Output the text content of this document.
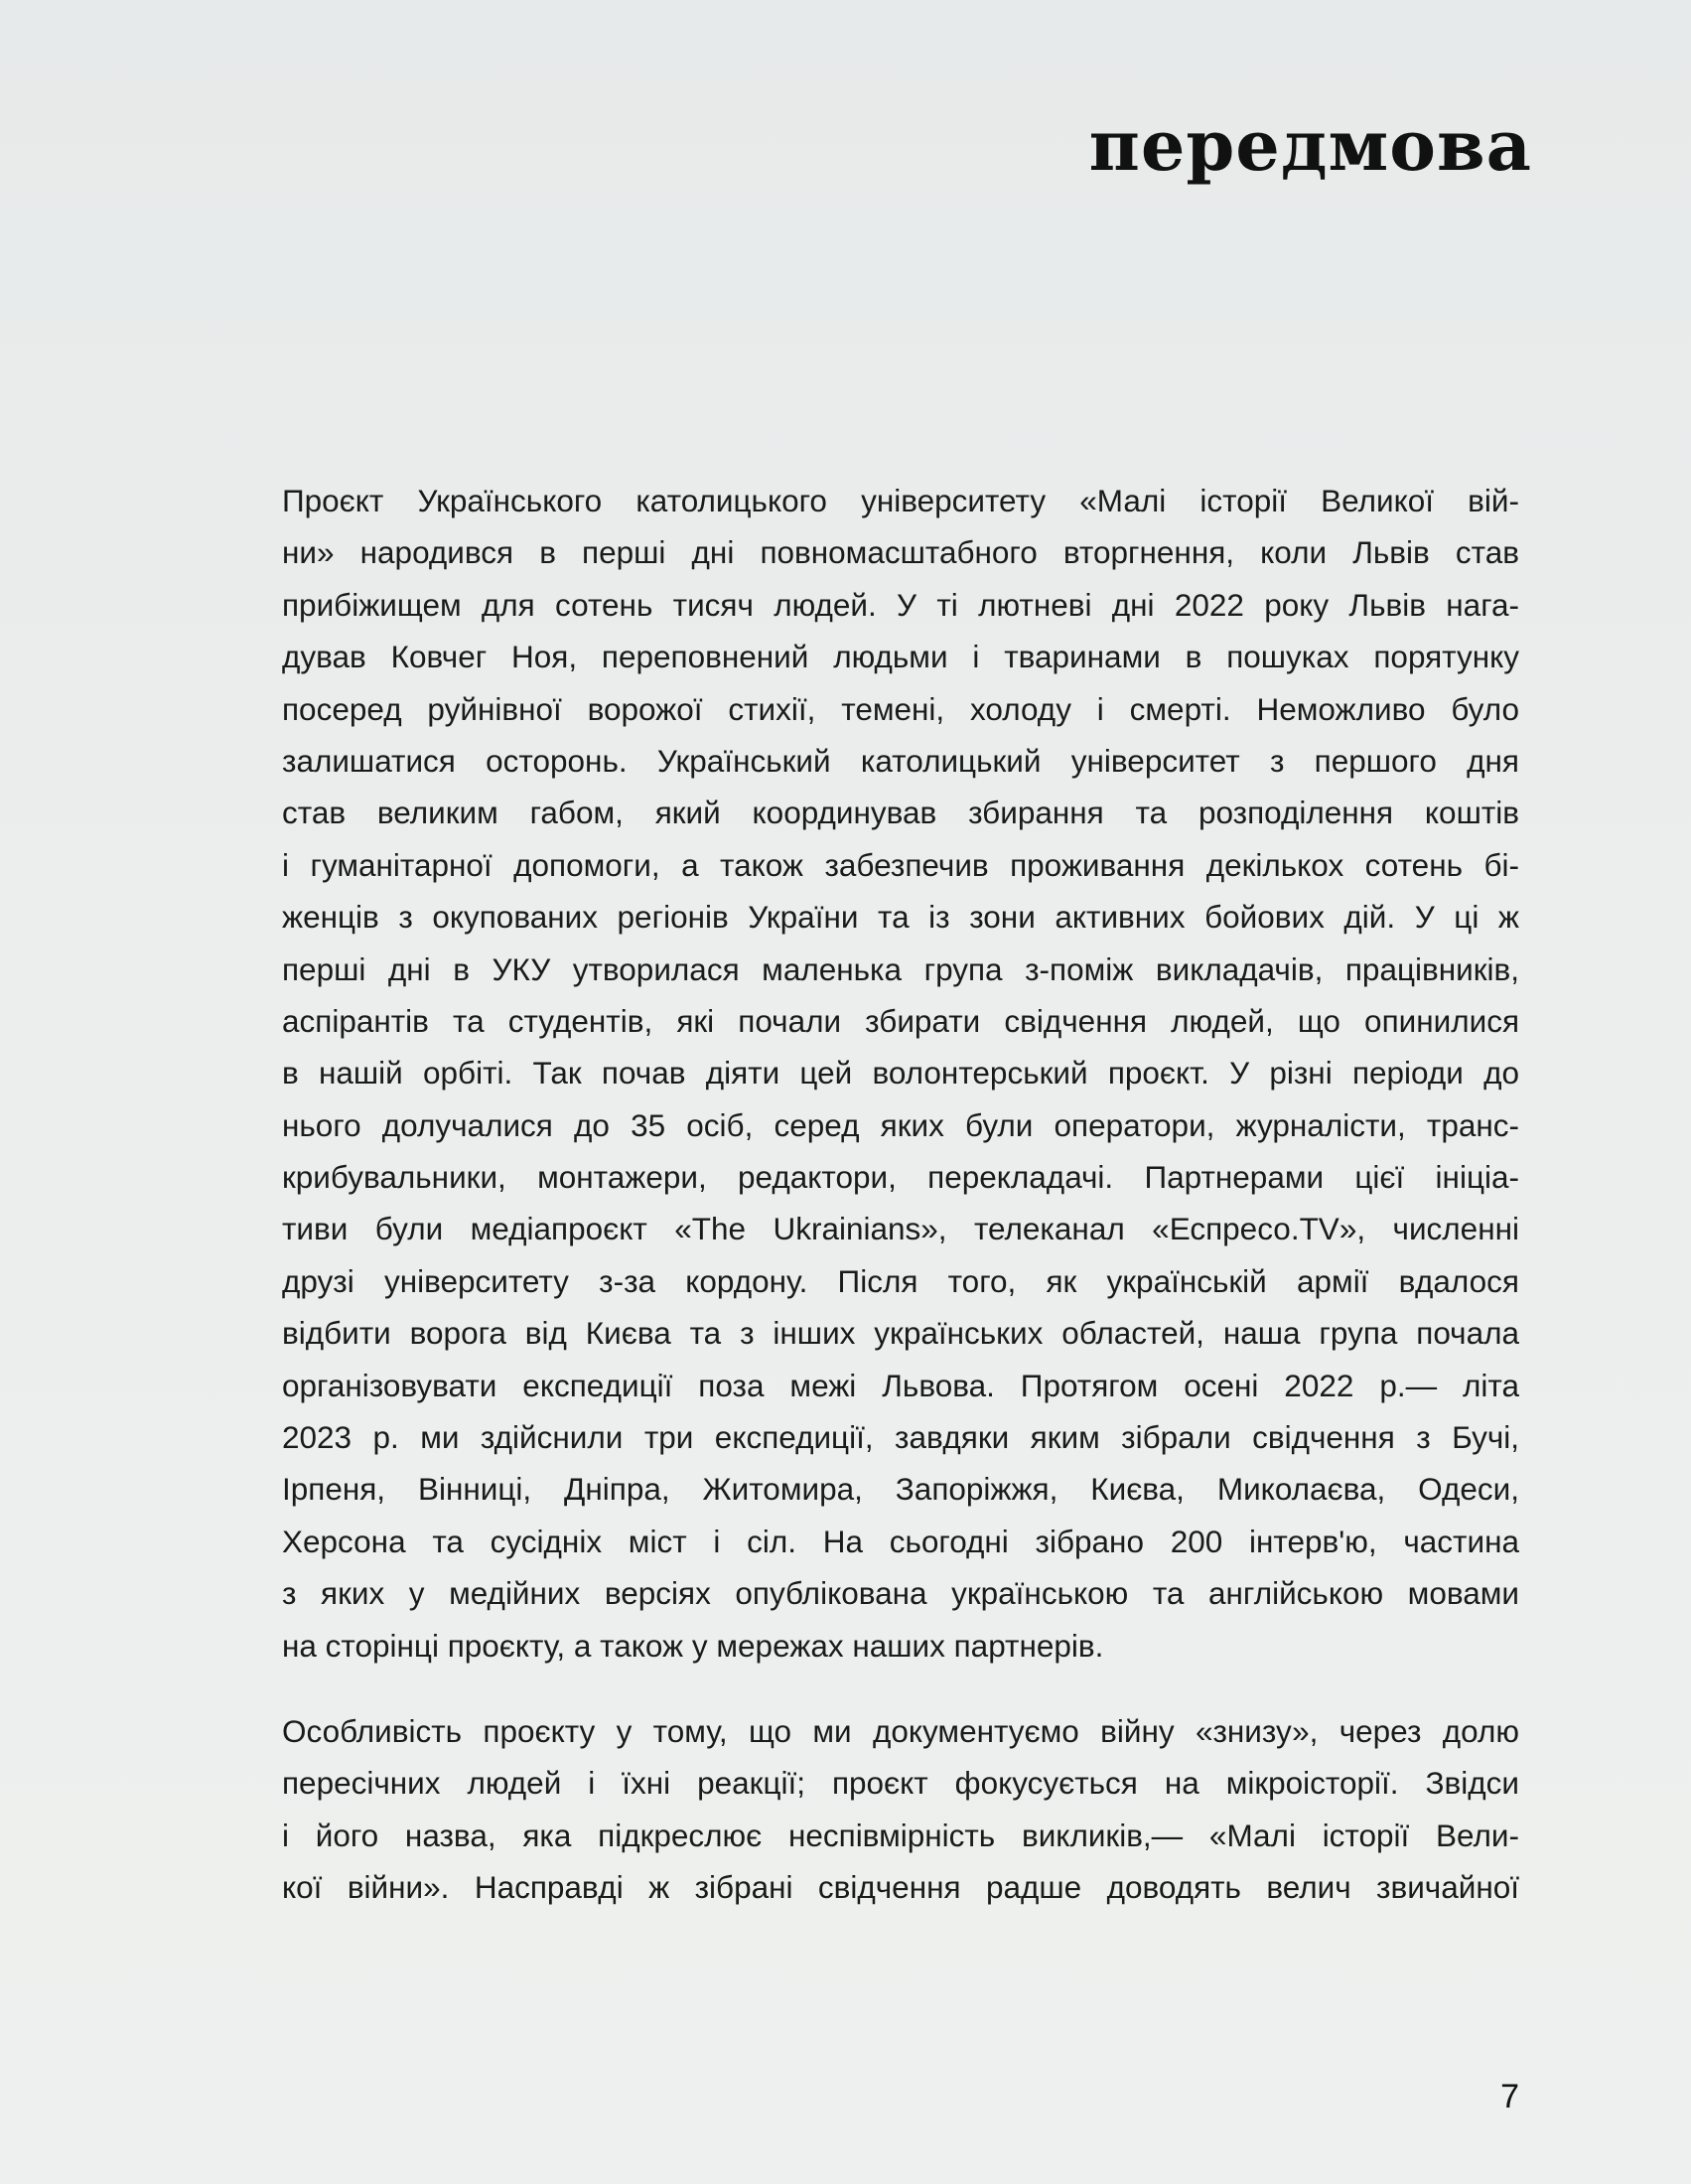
передмова
Проєкт Українського католицького університету «Малі історії Великої вій-
ни» народився в перші дні повномасштабного вторгнення, коли Львів став
прибіжищем для сотень тисяч людей. У ті лютневі дні 2022 року Львів нага-
дував Ковчег Ноя, переповнений людьми і тваринами в пошуках порятунку
посеред руйнівної ворожої стихії, темені, холоду і смерті. Неможливо було
залишатися осторонь. Український католицький університет з першого дня
став великим габом, який координував збирання та розподілення коштів
і гуманітарної допомоги, а також забезпечив проживання декількох сотень бі-
женців з окупованих регіонів України та із зони активних бойових дій. У ці ж
перші дні в УКУ утворилася маленька група з-поміж викладачів, працівників,
аспірантів та студентів, які почали збирати свідчення людей, що опинилися
в нашій орбіті. Так почав діяти цей волонтерський проєкт. У різні періоди до
нього долучалися до 35 осіб, серед яких були оператори, журналісти, транс-
крибувальники, монтажери, редактори, перекладачі. Партнерами цієї ініціа-
тиви були медіапроєкт «The Ukrainians», телеканал «Еспресо.TV», численні
друзі університету з-за кордону. Після того, як українській армії вдалося
відбити ворога від Києва та з інших українських областей, наша група почала
організовувати експедиції поза межі Львова. Протягом осені 2022 р.— літа
2023 р. ми здійснили три експедиції, завдяки яким зібрали свідчення з Бучі,
Ірпеня, Вінниці, Дніпра, Житомира, Запоріжжя, Києва, Миколаєва, Одеси,
Херсона та сусідніх міст і сіл. На сьогодні зібрано 200 інтерв'ю, частина
з яких у медійних версіях опублікована українською та англійською мовами
на сторінці проєкту, а також у мережах наших партнерів.
Особливість проєкту у тому, що ми документуємо війну «знизу», через долю
пересічних людей і їхні реакції; проєкт фокусується на мікроісторії. Звідси
і його назва, яка підкреслює неспівмірність викликів,— «Малі історії Вели-
кої війни». Насправді ж зібрані свідчення радше доводять велич звичайної
7
